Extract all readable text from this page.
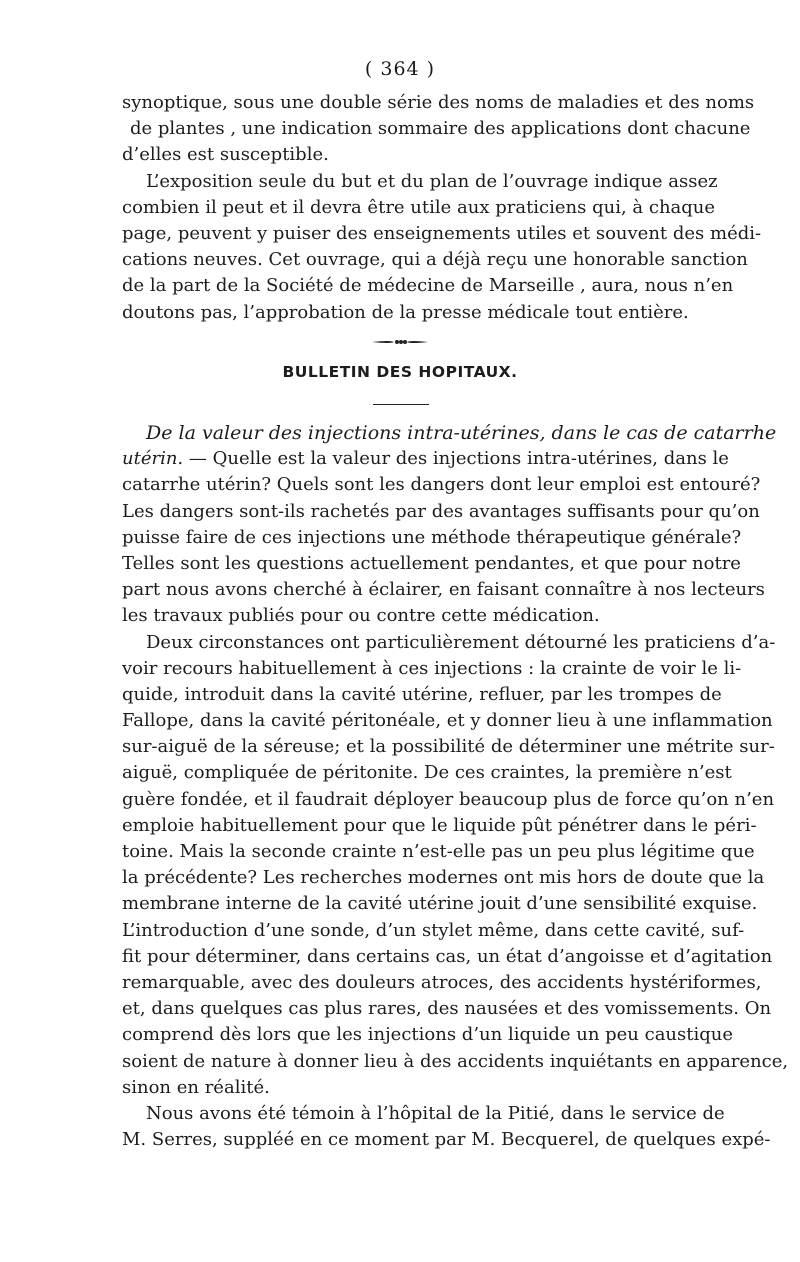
( 364 )
synoptique, sous une double série des noms de maladies et des noms
de plantes , une indication sommaire des applications dont chacune
d’elles est susceptible.
L’exposition seule du but et du plan de l’ouvrage indique assez
combien il peut et il devra être utile aux praticiens qui, à chaque
page, peuvent y puiser des enseignements utiles et souvent des médi-
cations neuves. Cet ouvrage, qui a déjà reçu une honorable sanction
de la part de la Société de médecine de Marseille , aura, nous n’en
doutons pas, l’approbation de la presse médicale tout entière.
BULLETIN DES HOPITAUX.
De la valeur des injections intra-utérines, dans le cas de catarrhe
utérin. — Quelle est la valeur des injections intra-utérines, dans le
catarrhe utérin? Quels sont les dangers dont leur emploi est entouré?
Les dangers sont-ils rachetés par des avantages suffisants pour qu’on
puisse faire de ces injections une méthode thérapeutique générale?
Telles sont les questions actuellement pendantes, et que pour notre
part nous avons cherché à éclairer, en faisant connaître à nos lecteurs
les travaux publiés pour ou contre cette médication.
Deux circonstances ont particulièrement détourné les praticiens d’a-
voir recours habituellement à ces injections : la crainte de voir le li-
quide, introduit dans la cavité utérine, refluer, par les trompes de
Fallope, dans la cavité péritonéale, et y donner lieu à une inflammation
sur-aiguë de la séreuse; et la possibilité de déterminer une métrite sur-
aiguë, compliquée de péritonite. De ces craintes, la première n’est
guère fondée, et il faudrait déployer beaucoup plus de force qu’on n’en
emploie habituellement pour que le liquide pût pénétrer dans le péri-
toine. Mais la seconde crainte n’est-elle pas un peu plus légitime que
la précédente? Les recherches modernes ont mis hors de doute que la
membrane interne de la cavité utérine jouit d’une sensibilité exquise.
L’introduction d’une sonde, d’un stylet même, dans cette cavité, suf-
fit pour déterminer, dans certains cas, un état d’angoisse et d’agitation
remarquable, avec des douleurs atroces, des accidents hystériformes,
et, dans quelques cas plus rares, des nausées et des vomissements. On
comprend dès lors que les injections d’un liquide un peu caustique
soient de nature à donner lieu à des accidents inquiétants en apparence,
sinon en réalité.
Nous avons été témoin à l’hôpital de la Pitié, dans le service de
M. Serres, suppléé en ce moment par M. Becquerel, de quelques expé-
